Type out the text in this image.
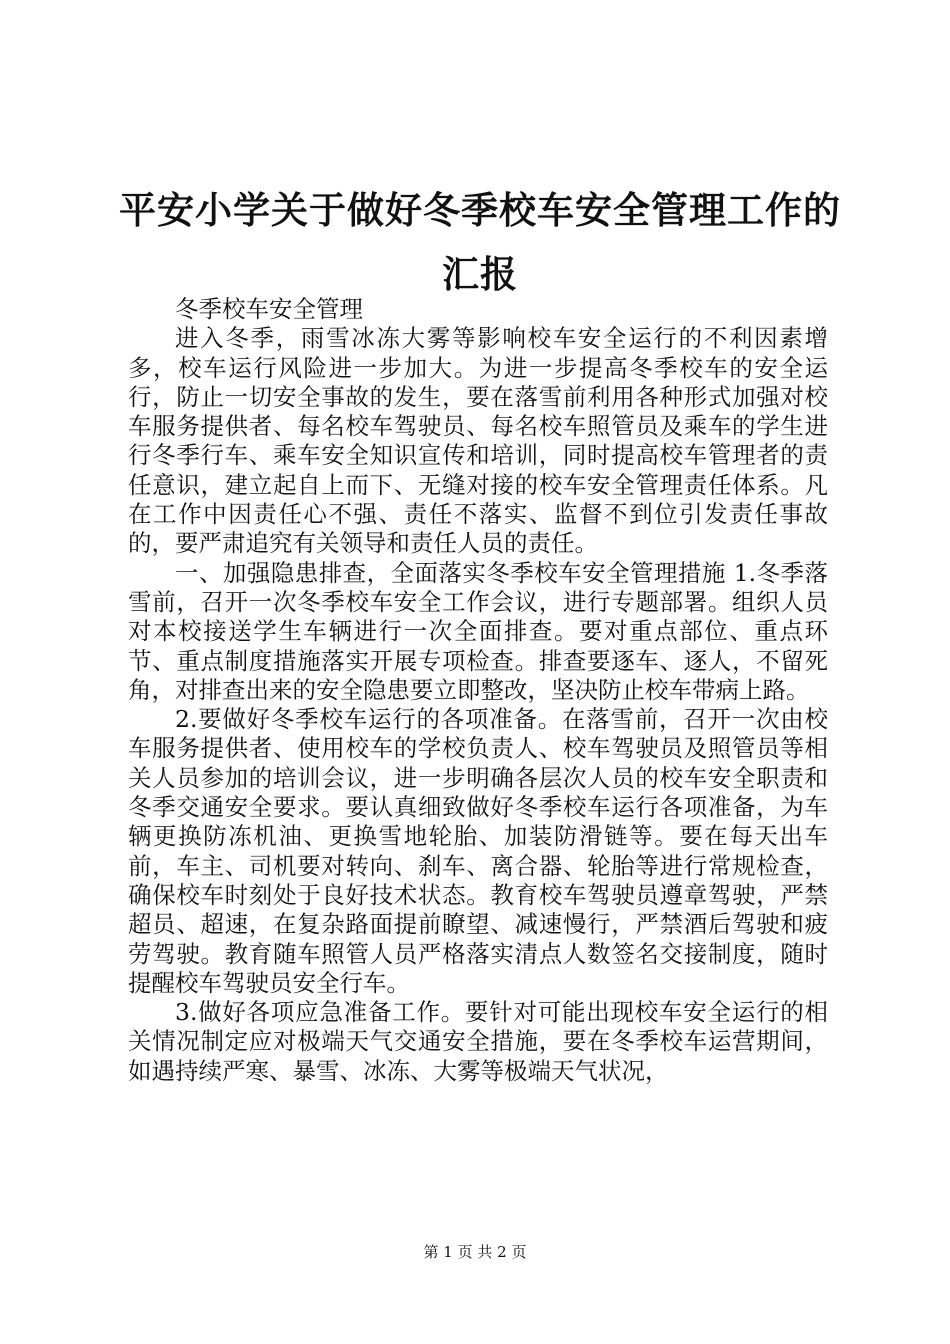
平安小学关于做好冬季校车安全管理工作的汇报

冬季校车安全管理

进入冬季，雨雪冰冻大雾等影响校车安全运行的不利因素增多，校车运行风险进一步加大。为进一步提高冬季校车的安全运行，防止一切安全事故的发生，要在落雪前利用各种形式加强对校车服务提供者、每名校车驾驶员、每名校车照管员及乘车的学生进行冬季行车、乘车安全知识宣传和培训，同时提高校车管理者的责任意识，建立起自上而下、无缝对接的校车安全管理责任体系。凡在工作中因责任心不强、责任不落实、监督不到位引发责任事故的，要严肃追究有关领导和责任人员的责任。

一、加强隐患排查，全面落实冬季校车安全管理措施 1.冬季落雪前，召开一次冬季校车安全工作会议，进行专题部署。组织人员对本校接送学生车辆进行一次全面排查。要对重点部位、重点环节、重点制度措施落实开展专项检查。排查要逐车、逐人，不留死角，对排查出来的安全隐患要立即整改，坚决防止校车带病上路。

2.要做好冬季校车运行的各项准备。在落雪前，召开一次由校车服务提供者、使用校车的学校负责人、校车驾驶员及照管员等相关人员参加的培训会议，进一步明确各层次人员的校车安全职责和冬季交通安全要求。要认真细致做好冬季校车运行各项准备，为车辆更换防冻机油、更换雪地轮胎、加装防滑链等。要在每天出车前，车主、司机要对转向、刹车、离合器、轮胎等进行常规检查，确保校车时刻处于良好技术状态。教育校车驾驶员遵章驾驶，严禁超员、超速，在复杂路面提前瞭望、减速慢行，严禁酒后驾驶和疲劳驾驶。教育随车照管人员严格落实清点人数签名交接制度，随时提醒校车驾驶员安全行车。

3.做好各项应急准备工作。要针对可能出现校车安全运行的相关情况制定应对极端天气交通安全措施，要在冬季校车运营期间，如遇持续严寒、暴雪、冰冻、大雾等极端天气状况，

第 1 页 共 2 页
